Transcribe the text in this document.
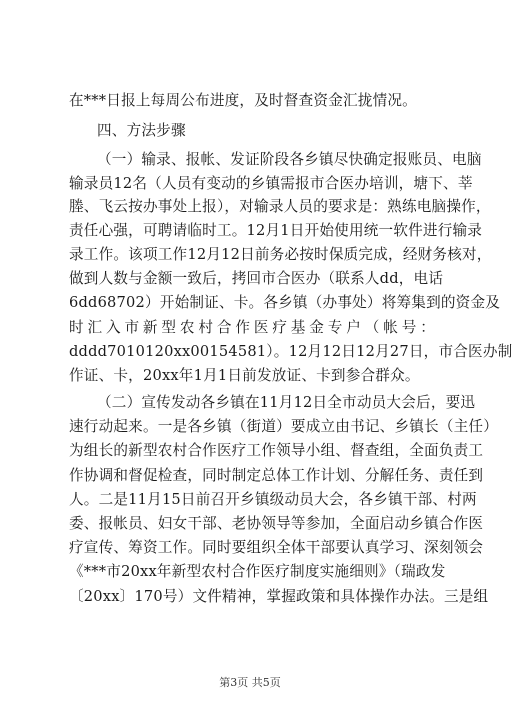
在***日报上每周公布进度，及时督查资金汇拢情况。
四、方法步骤
（一）输录、报帐、发证阶段各乡镇尽快确定报账员、电脑
输录员12名（人员有变动的乡镇需报市合医办培训，塘下、莘
塍、飞云按办事处上报），对输录人员的要求是：熟练电脑操作，
责任心强，可聘请临时工。12月1日开始使用统一软件进行输录
录工作。该项工作12月12日前务必按时保质完成，经财务核对，
做到人数与金额一致后，拷回市合医办（联系人dd，电话
6dd68702）开始制证、卡。各乡镇（办事处）将筹集到的资金及
时汇入市新型农村合作医疗基金专户（帐号：
dddd7010120xx00154581）。12月12日12月27日，市合医办制
作证、卡，20xx年1月1日前发放证、卡到参合群众。
（二）宣传发动各乡镇在11月12日全市动员大会后，要迅
速行动起来。一是各乡镇（街道）要成立由书记、乡镇长（主任）
为组长的新型农村合作医疗工作领导小组、督查组，全面负责工
作协调和督促检查，同时制定总体工作计划、分解任务、责任到
人。二是11月15日前召开乡镇级动员大会，各乡镇干部、村两
委、报帐员、妇女干部、老协领导等参加，全面启动乡镇合作医
疗宣传、筹资工作。同时要组织全体干部要认真学习、深刻领会
《***市20xx年新型农村合作医疗制度实施细则》（瑞政发
〔20xx〕170号）文件精神，掌握政策和具体操作办法。三是组
第3页 共5页
